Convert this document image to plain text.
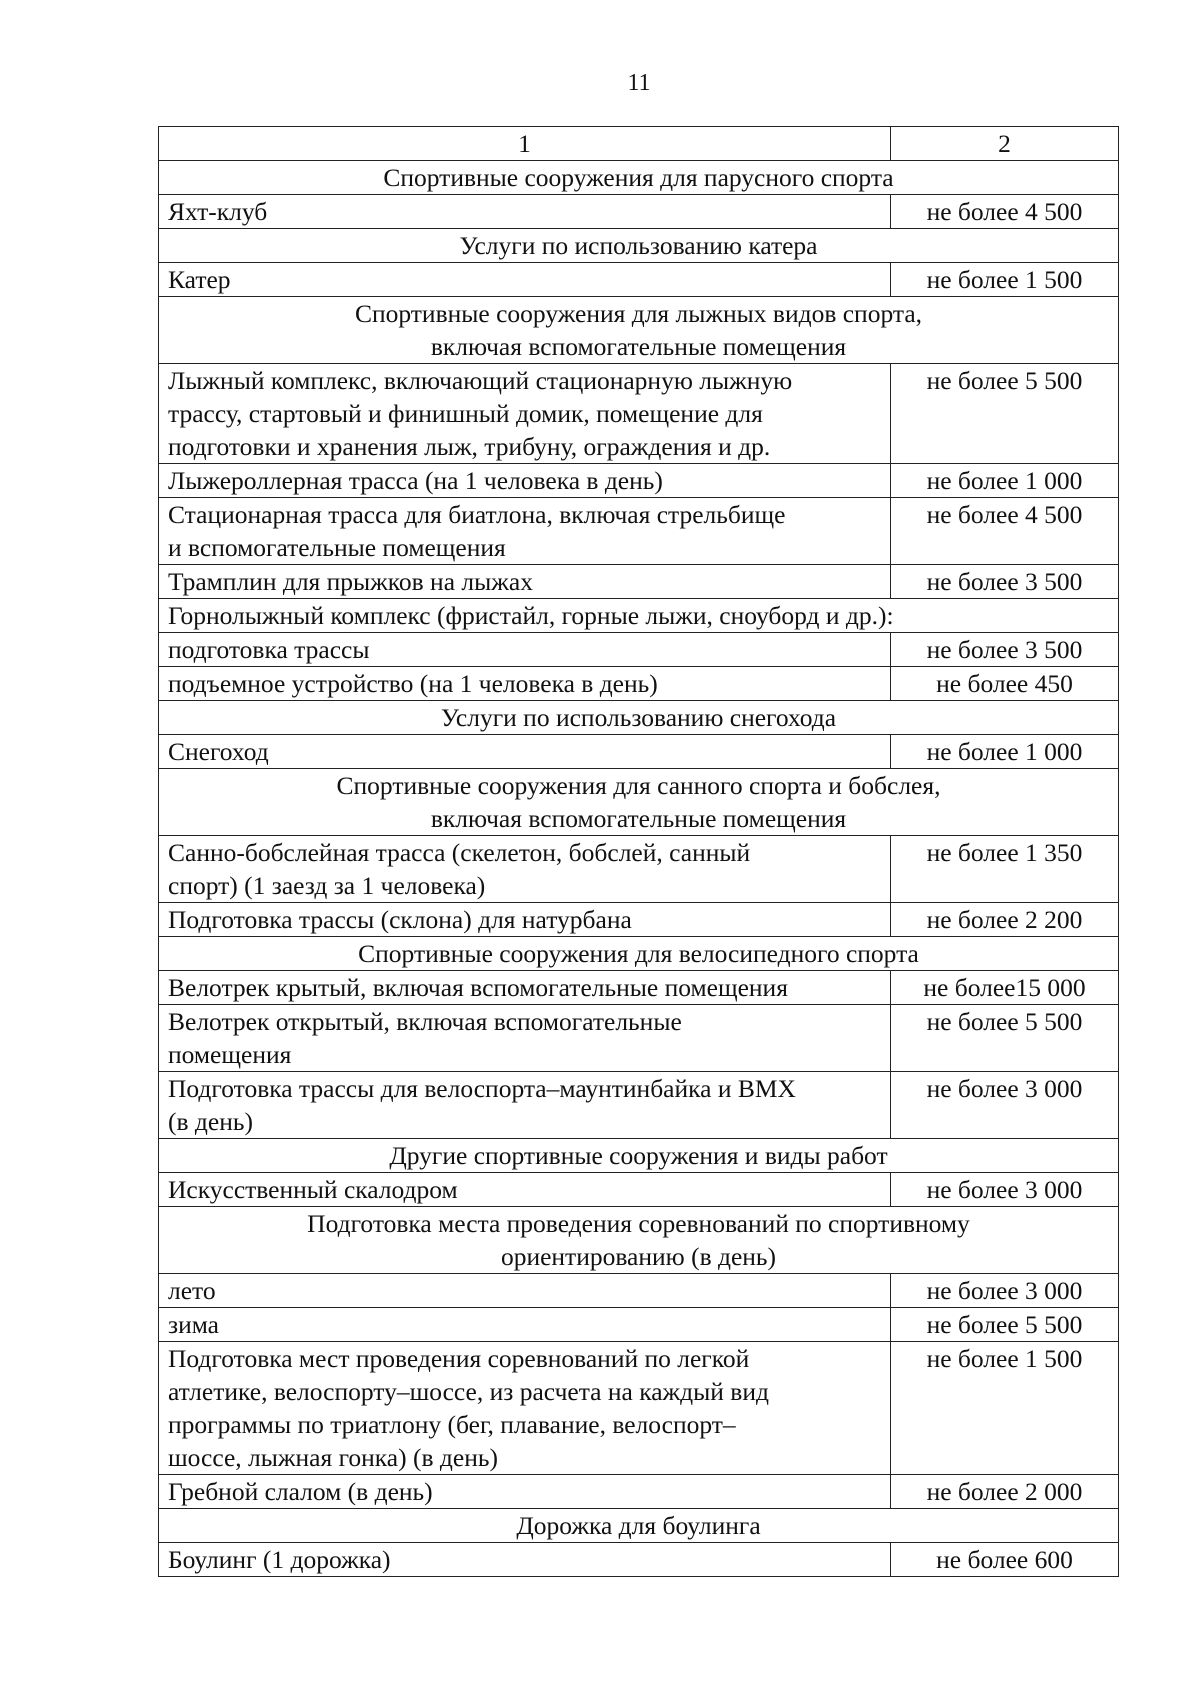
11
1	2
Спортивные сооружения для парусного спорта	
Яхт-клуб	не более 4 500
Услуги по использованию катера	
Катер	не более 1 500
Спортивные сооружения для лыжных видов спорта,
включая вспомогательные помещения	
Лыжный комплекс, включающий стационарную лыжную
трассу, стартовый и финишный домик, помещение для
подготовки и хранения лыж, трибуну, ограждения и др.	не более 5 500
Лыжероллерная трасса (на 1 человека в день)	не более 1 000
Стационарная трасса для биатлона, включая стрельбище
и вспомогательные помещения	не более 4 500
Трамплин для прыжков на лыжах	не более 3 500
Горнолыжный комплекс (фристайл, горные лыжи, сноуборд и др.):	
подготовка трассы	не более 3 500
подъемное устройство (на 1 человека в день)	не более 450
Услуги по использованию снегохода	
Снегоход	не более 1 000
Спортивные сооружения для санного спорта и бобслея,
включая вспомогательные помещения	
Санно-бобслейная трасса (скелетон, бобслей, санный
спорт) (1 заезд за 1 человека)	не более 1 350
Подготовка трассы (склона) для натурбана	не более 2 200
Спортивные сооружения для велосипедного спорта	
Велотрек крытый, включая вспомогательные помещения	не более15 000
Велотрек открытый, включая вспомогательные
помещения	не более 5 500
Подготовка трассы для велоспорта–маунтинбайка и BMX
(в день)	не более 3 000
Другие спортивные сооружения и виды работ	
Искусственный скалодром	не более 3 000
Подготовка места проведения соревнований по спортивному
ориентированию (в день)	
лето	не более 3 000
зима	не более 5 500
Подготовка мест проведения соревнований по легкой
атлетике, велоспорту–шоссе, из расчета на каждый вид
программы по триатлону (бег, плавание, велоспорт–
шоссе, лыжная гонка) (в день)	не более 1 500
Гребной слалом (в день)	не более 2 000
Дорожка для боулинга	
Боулинг (1 дорожка)	не более 600
